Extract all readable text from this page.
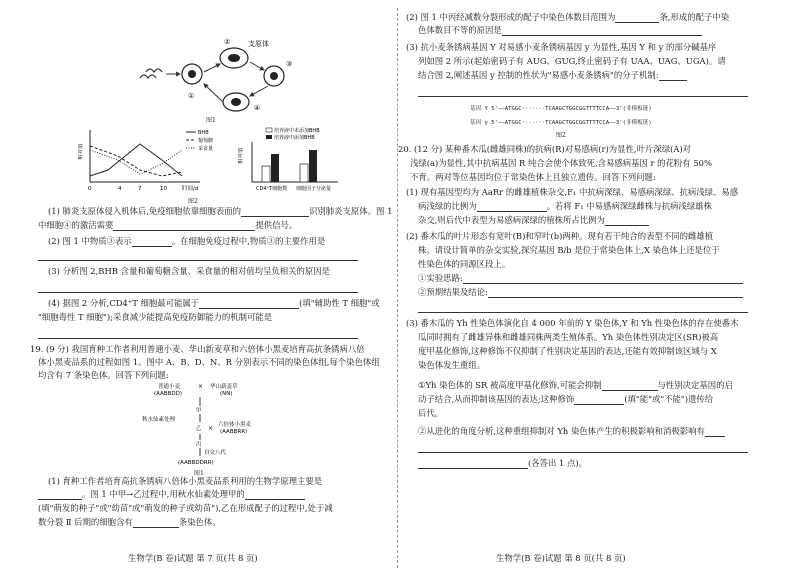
①
支原体
②
③
④
图1
相对值
0	4	7	10	时间/d
BHB
葡萄糖
采食量	相对值
培养液中未添加BHB
培养液中添加BHB
CD4⁺T细胞数 细胞因子分泌量
图2
(1) 肺炎支原体侵入机体后,免疫细胞依靠细胞表面的	识别肺炎支原体。图 1
中细胞④的激活需要	提供信号。
(2) 图 1 中物质③表示	。在细胞免疫过程中,物质③的主要作用是
(3) 分析图 2,BHB 含量和葡萄糖含量、采食量的相对值均呈负相关的原因是
(4) 据图 2 分析,CD4⁺T 细胞最可能属于	(填"辅助性 T 细胞"或
"细胞毒性 T 细胞");采食减少能提高免疫防御能力的机制可能是
19. (9 分) 我国育种工作者利用普通小麦、华山新麦草和六倍体小黑麦培育高抗条锈病八倍
体小黑麦品系的过程如图 1。图中 A、B、D、N、R 分别表示不同的染色体组,每个染色体组
均含有 7 条染色体。回答下列问题:
普通小麦
(AABBDD)
× 华山新麦草
(NN)
甲
秋水仙素处理
乙 × 六倍体小黑麦
(AABBRR)
丙
自交八代
(AABBDDRR)
图1
(1) 育种工作者培育高抗条锈病八倍体小黑麦品系利用的生物学原理主要是
。图 1 中甲→乙过程中,用秋水仙素处理甲的
(填"萌发的种子"或"幼苗"或"萌发的种子或幼苗"),乙在形成配子的过程中,处于减
数分裂 Ⅱ 后期的细胞含有	条染色体。
生物学(B 卷)试题 第 7 页(共 8 页)
(2) 图 1 中丙经减数分裂形成的配子中染色体数目范围为	条,形成的配子中染
色体数目不等的原因是
(3) 抗小麦条锈病基因 Y 对易感小麦条锈病基因 y 为显性,基因 Y 和 y 的部分碱基序
列如图 2 所示(起始密码子有 AUG、GUG,终止密码子有 UAA、UAG、UGA)。请
结合图 2,阐述基因 y 控制的性状为"易感小麦条锈病"的分子机制:
基因 Y 5'——ATGGC·······TCAAGCTGGCGGTTTTCCA——3'(非模板链)
基因 y 5'——ATGGC·······TCAAGCTGGCGGTTTTCCA——3'(非模板链)
图2
20. (12 分) 某种番木瓜(雌雄同株)的抗病(R)对易感病(r)为显性,叶片深绿(A)对
浅绿(a)为显性,其中抗病基因 R 纯合会使个体致死,含易感病基因 r 的花粉有 50%
不育。两对等位基因均位于常染色体上且独立遗传。回答下列问题:
(1) 现有基因型均为 AaRr 的雌雄植株杂交,F₁ 中抗病深绿、易感病深绿、抗病浅绿、易感
病浅绿的比例为	。若将 F₁ 中易感病深绿雌株与抗病浅绿雄株
杂交,则后代中表型为易感病深绿的植株所占比例为
(2) 番木瓜的叶片形态有宽叶(B)和窄叶(b)两种。现有若干纯合的表型不同的雌雄植
株。请设计简单的杂交实验,探究基因 B/b 是位于常染色体上,X 染色体上还是位于
性染色体的同源区段上。
①实验思路:
②预期结果及结论:
(3) 番木瓜的 Yh 性染色体演化自 4 000 年前的 Y 染色体,Y 和 Yh 性染色体的存在使番木
瓜同时拥有了雌雄异株和雌雄同株两类生殖体系。Yh 染色体性别决定区(SR)被高
度甲基化修饰,这种修饰不仅抑制了性别决定基因的表达,还能有效抑制该区域与 X
染色体发生重组。
①Yh 染色体的 SR 被高度甲基化修饰,可能会抑制	与性别决定基因的启
动子结合,从而抑制该基因的表达;这种修饰	(填"能"或"不能")遗传给
后代。
②从进化的角度分析,这种重组抑制对 Yh 染色体产生的积极影响和消极影响有
(各答出 1 点)。
生物学(B 卷)试题 第 8 页(共 8 页)
